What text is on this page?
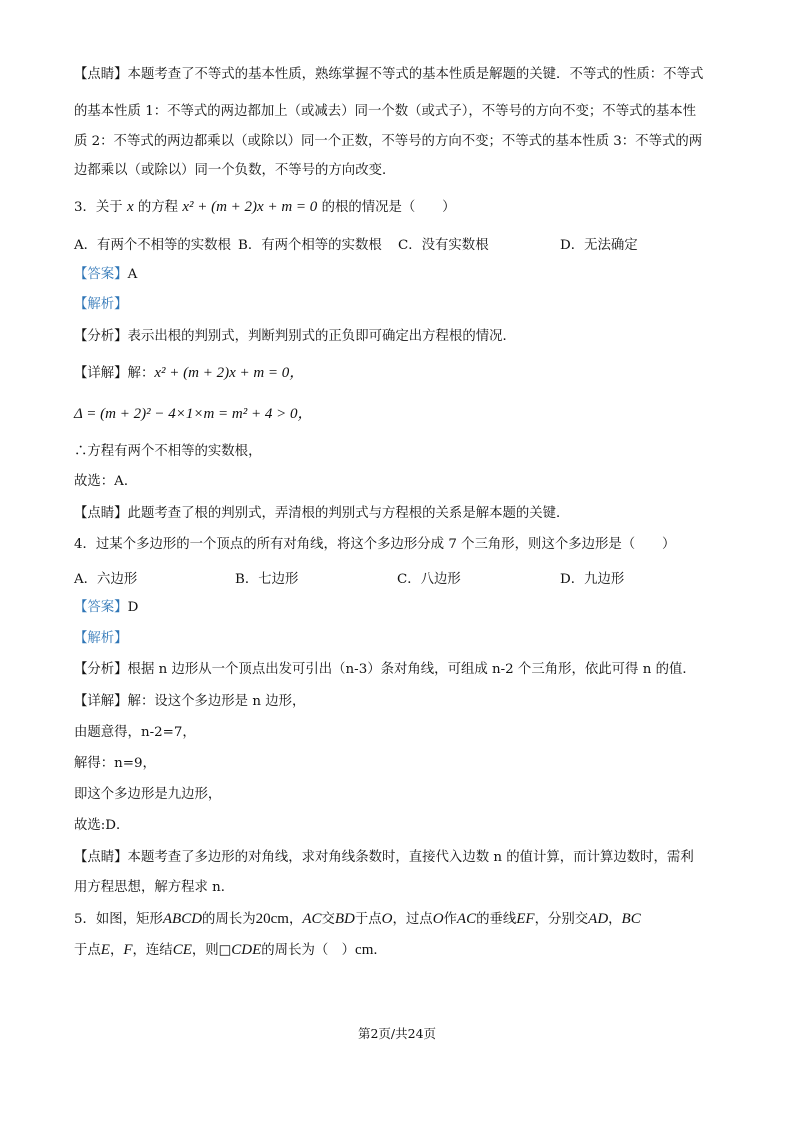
【点睛】本题考查了不等式的基本性质，熟练掌握不等式的基本性质是解题的关键．不等式的性质：不等式
的基本性质 1：不等式的两边都加上（或减去）同一个数（或式子），不等号的方向不变；不等式的基本性
质 2：不等式的两边都乘以（或除以）同一个正数，不等号的方向不变；不等式的基本性质 3：不等式的两
边都乘以（或除以）同一个负数，不等号的方向改变．
3．关于 x 的方程 x² + (m + 2)x + m = 0 的根的情况是（　　）
A．有两个不相等的实数根 B．有两个相等的实数根 C．没有实数根	D．无法确定
【答案】A
【解析】
【分析】表示出根的判别式，判断判别式的正负即可确定出方程根的情况．
【详解】解：x² + (m + 2)x + m = 0，
Δ = (m + 2)² − 4×1×m = m² + 4 > 0，
∴方程有两个不相等的实数根，
故选：A．
【点睛】此题考查了根的判别式，弄清根的判别式与方程根的关系是解本题的关键．
4．过某个多边形的一个顶点的所有对角线，将这个多边形分成 7 个三角形，则这个多边形是（　　）
A．六边形	B．七边形	C．八边形	D．九边形
【答案】D
【解析】
【分析】根据 n 边形从一个顶点出发可引出（n-3）条对角线，可组成 n-2 个三角形，依此可得 n 的值．
【详解】解：设这个多边形是 n 边形，
由题意得，n-2=7，
解得：n=9，
即这个多边形是九边形，
故选:D．
【点睛】本题考查了多边形的对角线，求对角线条数时，直接代入边数 n 的值计算，而计算边数时，需利
用方程思想，解方程求 n．
5．如图，矩形ABCD的周长为20cm，AC交BD于点O，过点O作AC的垂线EF，分别交AD，BC
于点E，F，连结CE，则□CDE的周长为（　）cm．
第2页/共24页
